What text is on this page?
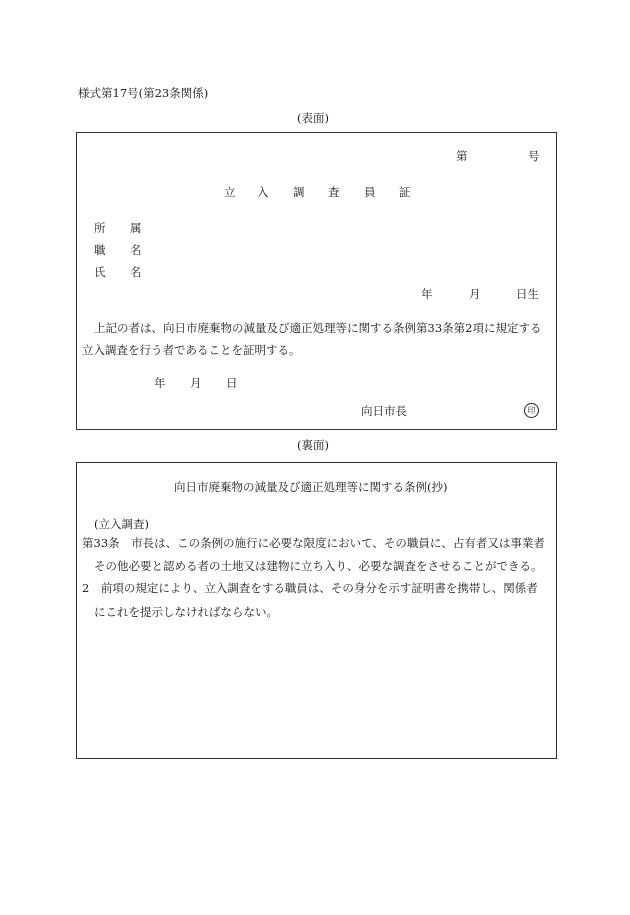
様式第17号(第23条関係)
(表面)
第	号
立 入 調 査 員 証
所 属
職 名
氏 名
年	月	日生
上記の者は、向日市廃棄物の減量及び適正処理等に関する条例第33条第2項に規定する
立入調査を行う者であることを証明する。
年 月 日
向日市長	印
(裏面)
向日市廃棄物の減量及び適正処理等に関する条例(抄)
(立入調査)
第33条　市長は、この条例の施行に必要な限度において、その職員に、占有者又は事業者
その他必要と認める者の土地又は建物に立ち入り、必要な調査をさせることができる。
2　前項の規定により、立入調査をする職員は、その身分を示す証明書を携帯し、関係者
にこれを提示しなければならない。
